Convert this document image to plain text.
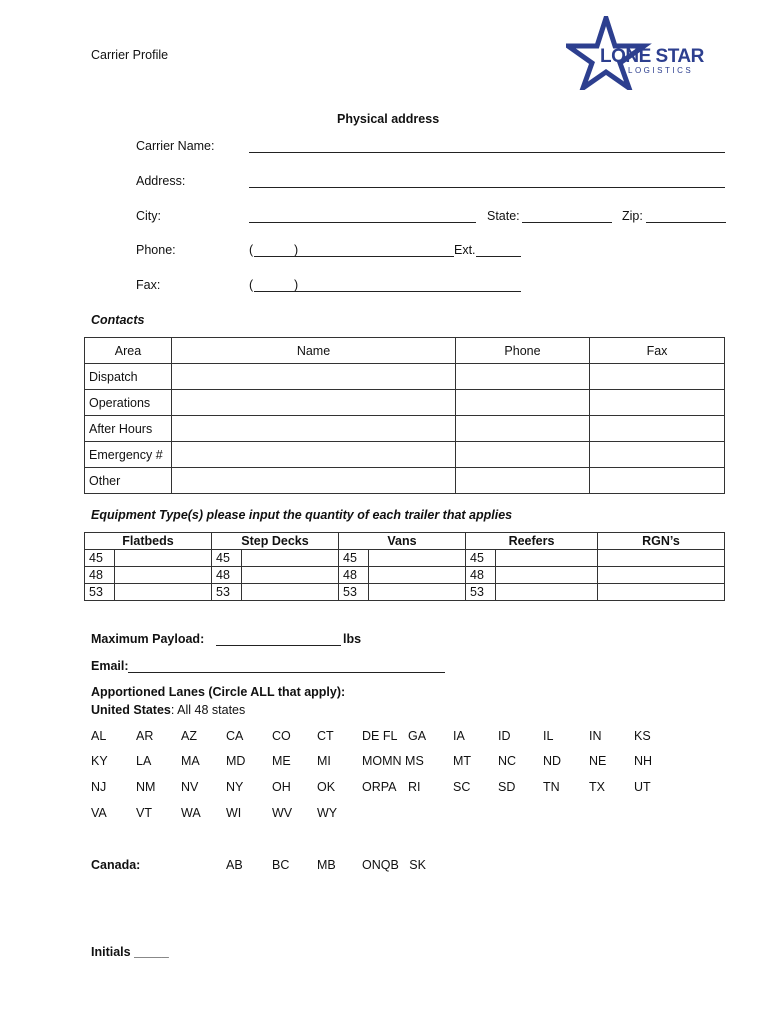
Carrier Profile	LONE STAR
LOGISTICS
Physical address
Carrier Name:
Address:
City:	State:	Zip:
Phone:	(	)	Ext.
Fax:	(	)
Contacts
Area	Name	Phone	Fax
Dispatch			
Operations			
After Hours			
Emergency #			
Other			
Equipment Type(s) please input the quantity of each trailer that applies
Flatbeds		Step Decks		Vans		Reefers		RGN’s
45		45		45		45		
48		48		48		48		
53		53		53		53		
Maximum Payload:	lbs
Email:
Apportioned Lanes (Circle ALL that apply):
United States: All 48 states
AL AR AZ CA CO CT DE FL GA IA	ID	IL	IN	KS
KY LA MA MD ME MI MOMN MS MT NC ND NE NH
NJ NM NV NY OH OK ORPA RI	SC SD TN TX UT
VA VT WA WI WV WY
Canada:	AB BC MB ONQB   SK
Initials _____
